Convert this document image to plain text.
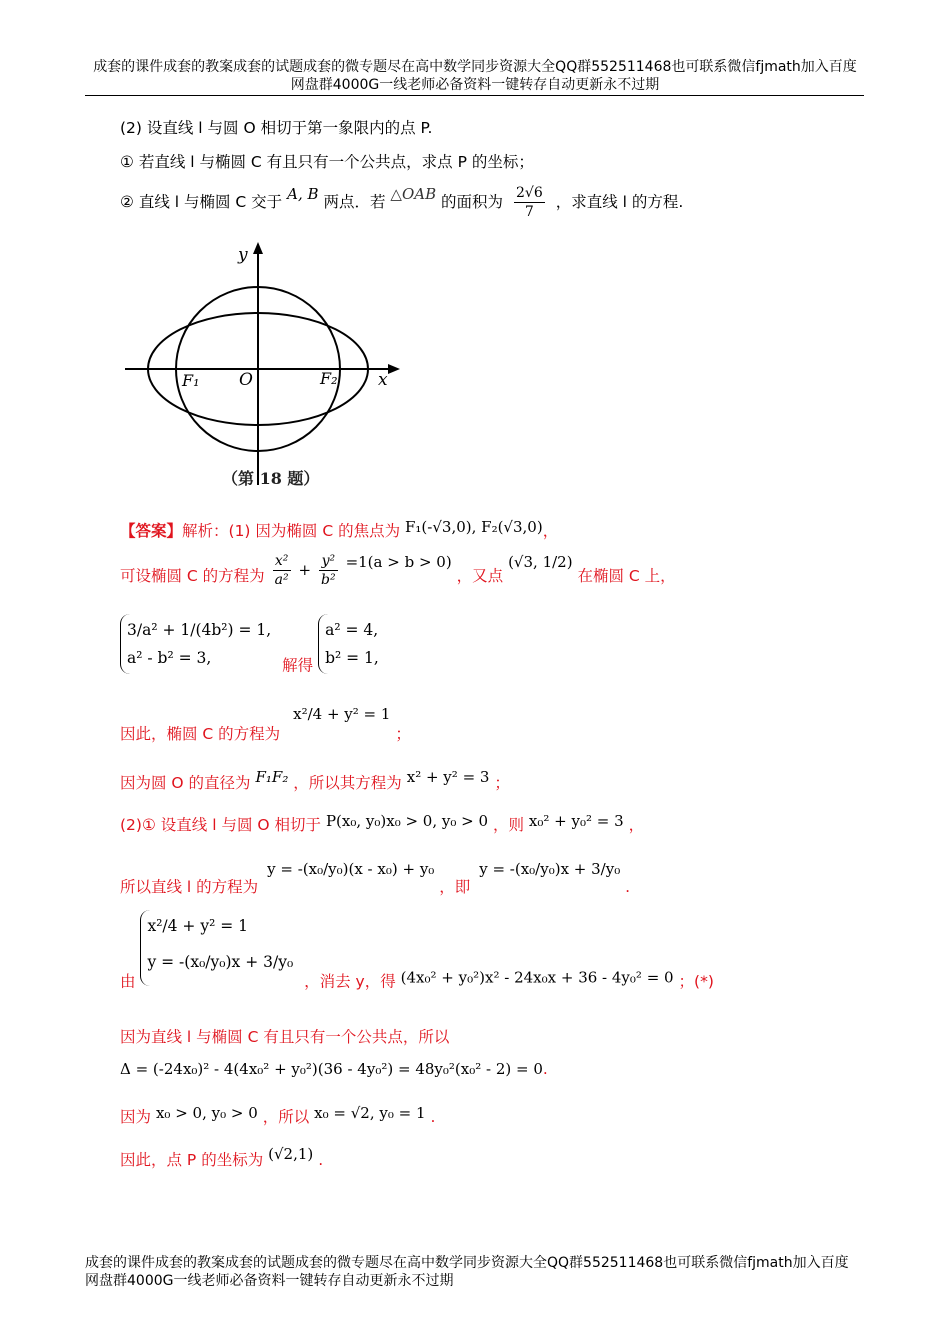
成套的课件成套的教案成套的试题成套的微专题尽在高中数学同步资源大全QQ群552511468也可联系微信fjmath加入百度
网盘群4000G一线老师必备资料一键转存自动更新永不过期
(2) 设直线 l 与圆 O 相切于第一象限内的点 P.
① 若直线 l 与椭圆 C 有且只有一个公共点，求点 P 的坐标；
② 直线 l 与椭圆 C 交于 A, B 两点．若 △OAB 的面积为 $\frac{2√6}{7}$ ，求直线 l 的方程.
y
x
O
F₁	F₂
（第 18 题）
【答案】解析：(1) 因为椭圆 C 的焦点为 F₁(-√3,0), F₂(√3,0)，
可设椭圆 C 的方程为 $\frac{\text{x²}}{\text{a²}} + \frac{\text{y²}}{\text{b²}} =1(a > b > 0)$ ，又点 (√3, 1/2) 在椭圆 C 上，
3/a² + 1/(4b²) = 1,
a² - b² = 3,	解得
a² = 4,
b² = 1,
因此，椭圆 C 的方程为 x²/4 + y² = 1 ；
因为圆 O 的直径为 F₁F₂ ，所以其方程为 x² + y² = 3 ；
(2)① 设直线 l 与圆 O 相切于 P(x₀, y₀)x₀ > 0, y₀ > 0 ，则 x₀² + y₀² = 3 ，
所以直线 l 的方程为 y = -(x₀/y₀)(x - x₀) + y₀ ，即 y = -(x₀/y₀)x + 3/y₀ .
由
x²/4 + y² = 1
y = -(x₀/y₀)x + 3/y₀
，消去 y，得 (4x₀² + y₀²)x² - 24x₀x + 36 - 4y₀² = 0 ；(*)
因为直线 l 与椭圆 C 有且只有一个公共点，所以
Δ = (-24x₀)² - 4(4x₀² + y₀²)(36 - 4y₀²) = 48y₀²(x₀² - 2) = 0.
因为 x₀ > 0, y₀ > 0 ，所以 x₀ = √2, y₀ = 1 .
因此，点 P 的坐标为 (√2,1) .
成套的课件成套的教案成套的试题成套的微专题尽在高中数学同步资源大全QQ群552511468也可联系微信fjmath加入百度
网盘群4000G一线老师必备资料一键转存自动更新永不过期
